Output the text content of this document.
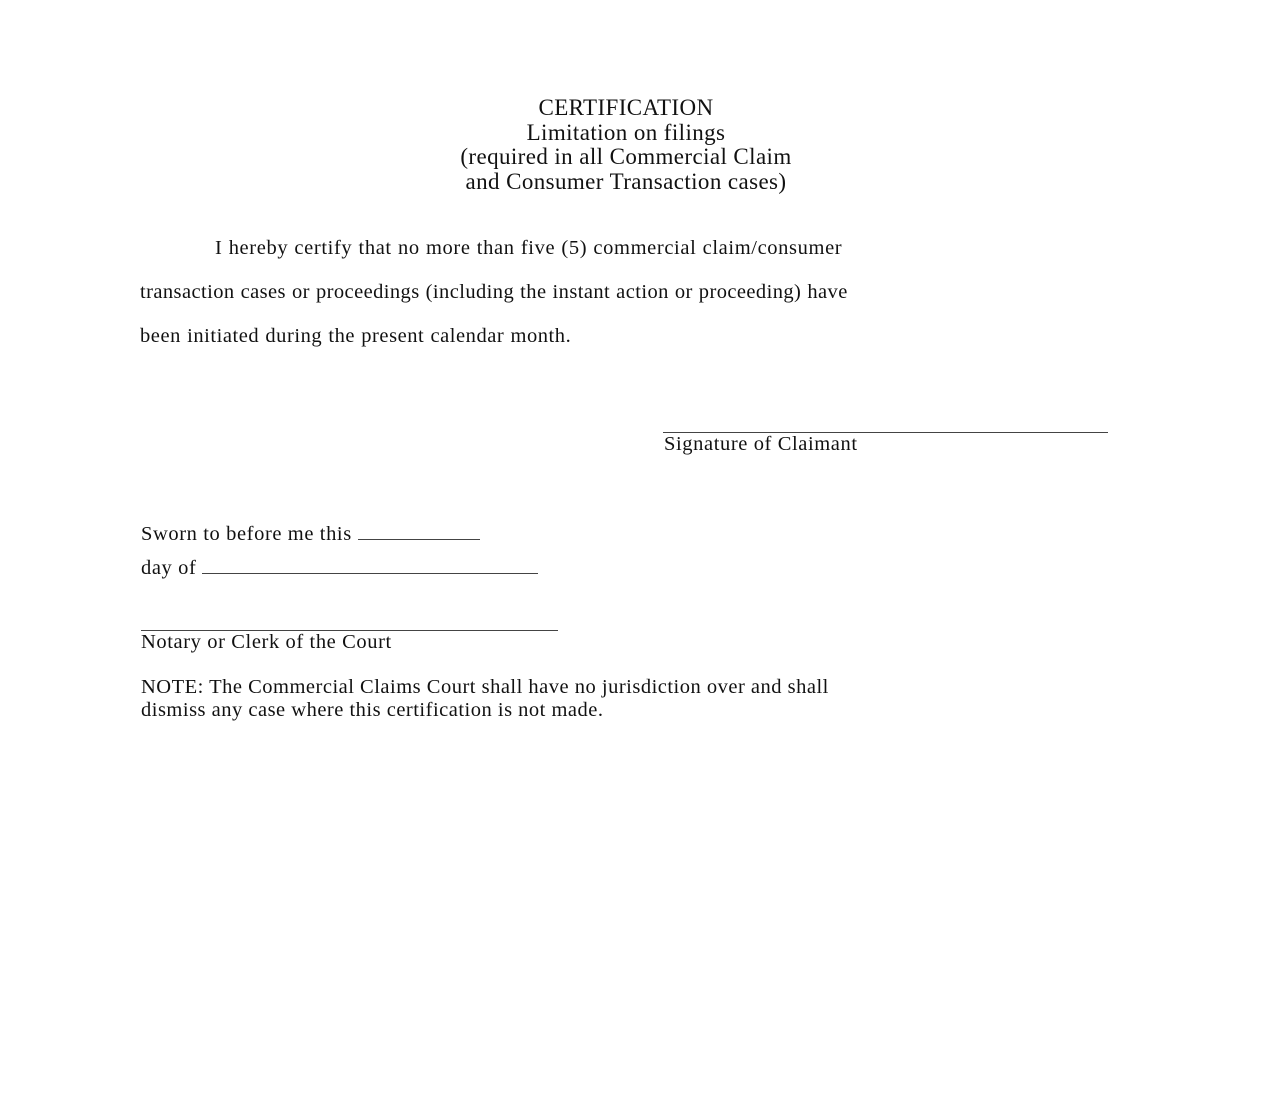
CERTIFICATION
Limitation on filings
(required in all Commercial Claim
and Consumer Transaction cases)
I hereby certify that no more than five (5) commercial claim/consumer
transaction cases or proceedings (including the instant action or proceeding) have
been initiated during the present calendar month.
Signature of Claimant
Sworn to before me this
day of
Notary or Clerk of the Court
NOTE: The Commercial Claims Court shall have no jurisdiction over and shall
dismiss any case where this certification is not made.
